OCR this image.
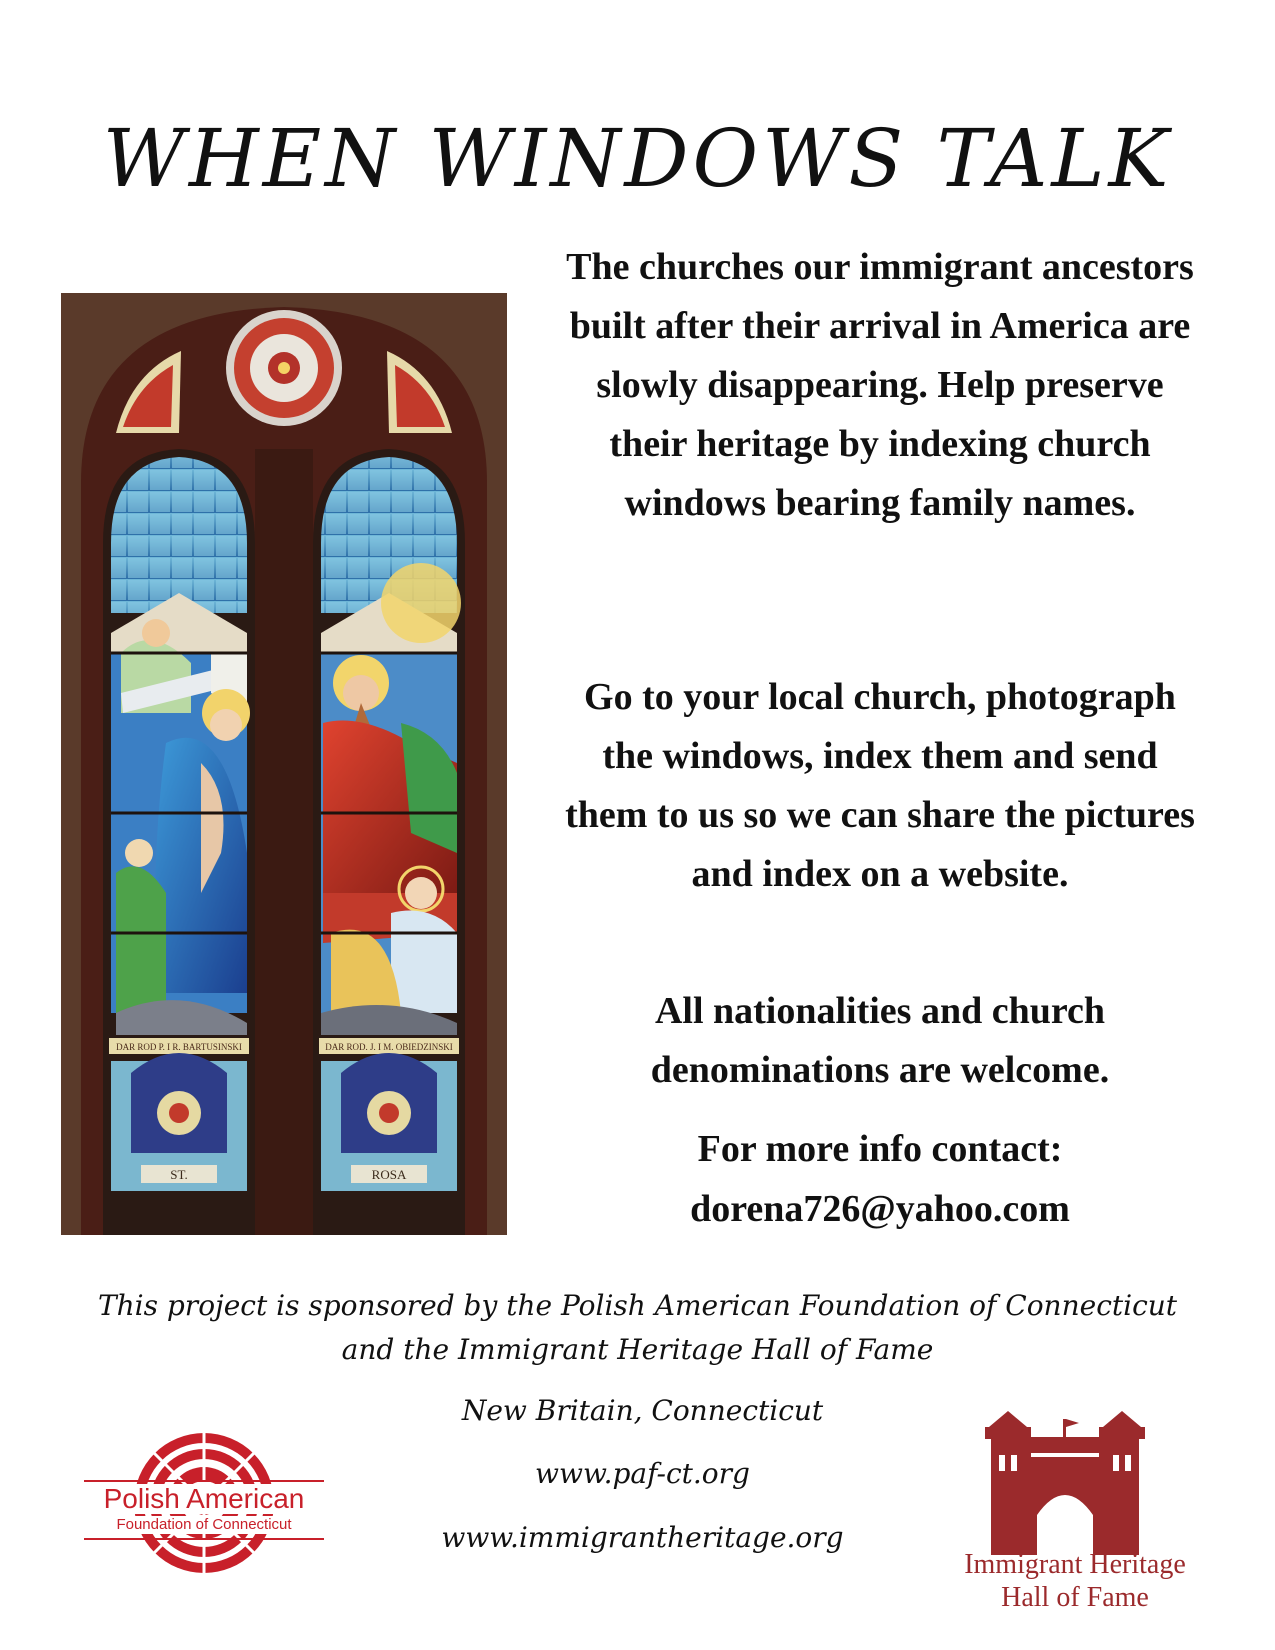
WHEN WINDOWS TALK
DAR ROD P. I R. BARTUSINSKI	DAR ROD. J. I M. OBIEDZINSKI
ST.	ROSA

The churches our immigrant ancestors built after their arrival in America are slowly disappearing. Help preserve their heritage by indexing church windows bearing family names.

Go to your local church, photograph the windows, index them and send them to us so we can share the pictures and index on a website.

All nationalities and church denominations are welcome.

For more info contact:

dorena726@yahoo.com

This project is sponsored by the Polish American Foundation of Connecticut

and the Immigrant Heritage Hall of Fame

New Britain, Connecticut

www.paf-ct.org

www.immigrantheritage.org

Polish American

Foundation of Connecticut

Immigrant Heritage

Hall of Fame
